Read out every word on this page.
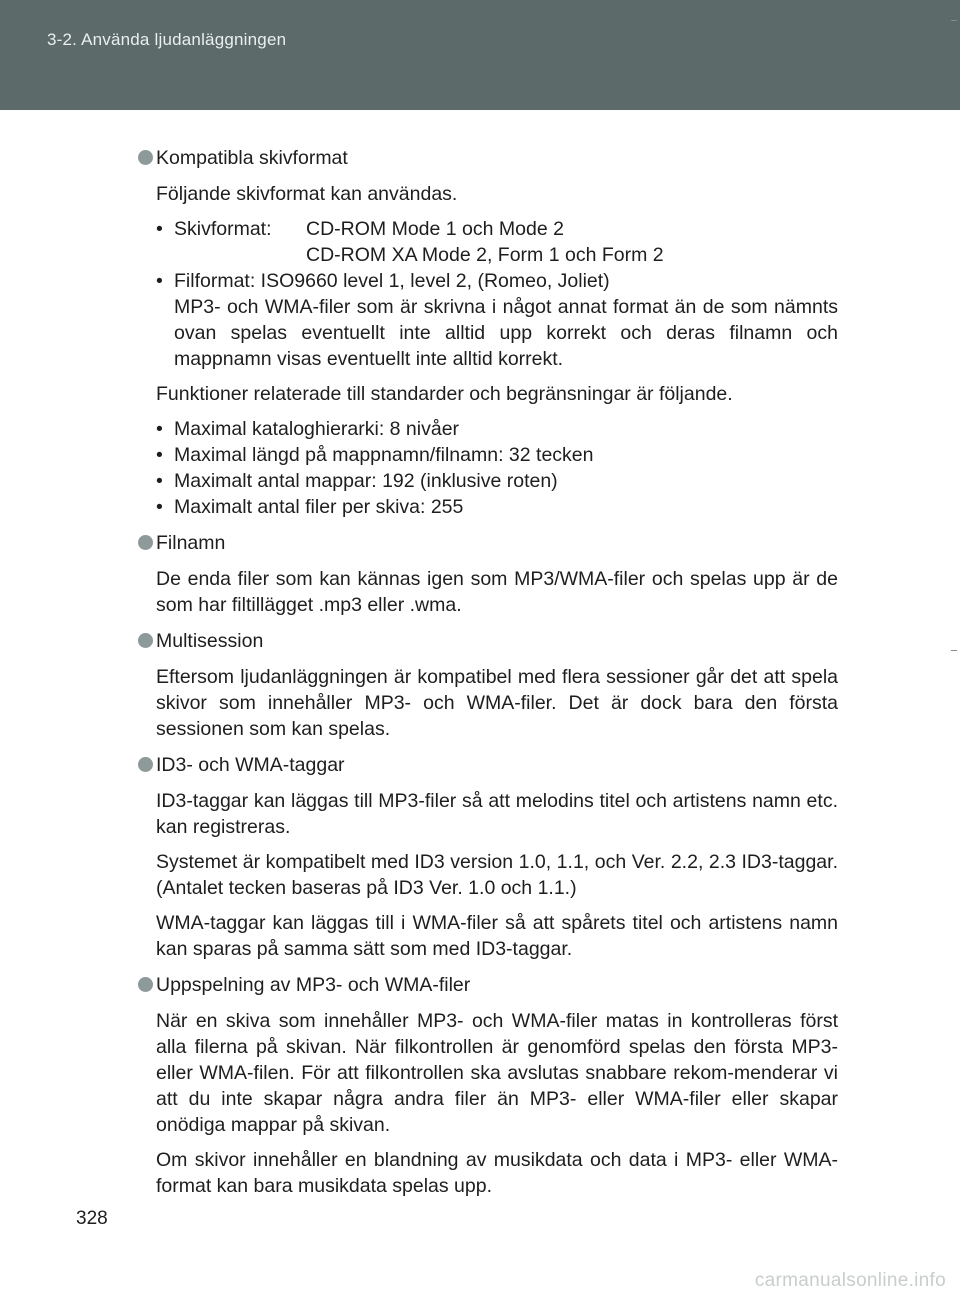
3-2. Använda ljudanläggningen
Kompatibla skivformat

Följande skivformat kan användas.

• Skivformat:	CD-ROM Mode 1 och Mode 2
CD-ROM XA Mode 2, Form 1 och Form 2
• Filformat: ISO9660 level 1, level 2, (Romeo, Joliet)
MP3- och WMA-filer som är skrivna i något annat format än de som nämnts ovan spelas eventuellt inte alltid upp korrekt och deras filnamn och mappnamn visas eventuellt inte alltid korrekt.

Funktioner relaterade till standarder och begränsningar är följande.

• Maximal kataloghierarki: 8 nivåer
• Maximal längd på mappnamn/filnamn: 32 tecken
• Maximalt antal mappar: 192 (inklusive roten)
• Maximalt antal filer per skiva: 255
Filnamn

De enda filer som kan kännas igen som MP3/WMA-filer och spelas upp är de som har filtillägget .mp3 eller .wma.

Multisession

Eftersom ljudanläggningen är kompatibel med flera sessioner går det att spela skivor som innehåller MP3- och WMA-filer. Det är dock bara den första sessionen som kan spelas.

ID3- och WMA-taggar

ID3-taggar kan läggas till MP3-filer så att melodins titel och artistens namn etc. kan registreras.

Systemet är kompatibelt med ID3 version 1.0, 1.1, och Ver. 2.2, 2.3 ID3-taggar. (Antalet tecken baseras på ID3 Ver. 1.0 och 1.1.)

WMA-taggar kan läggas till i WMA-filer så att spårets titel och artistens namn kan sparas på samma sätt som med ID3-taggar.

Uppspelning av MP3- och WMA-filer

När en skiva som innehåller MP3- och WMA-filer matas in kontrolleras först alla filerna på skivan. När filkontrollen är genomförd spelas den första MP3- eller WMA-filen. För att filkontrollen ska avslutas snabbare rekom-menderar vi att du inte skapar några andra filer än MP3- eller WMA-filer eller skapar onödiga mappar på skivan.

Om skivor innehåller en blandning av musikdata och data i MP3- eller WMA-format kan bara musikdata spelas upp.

328
carmanualsonline.info
